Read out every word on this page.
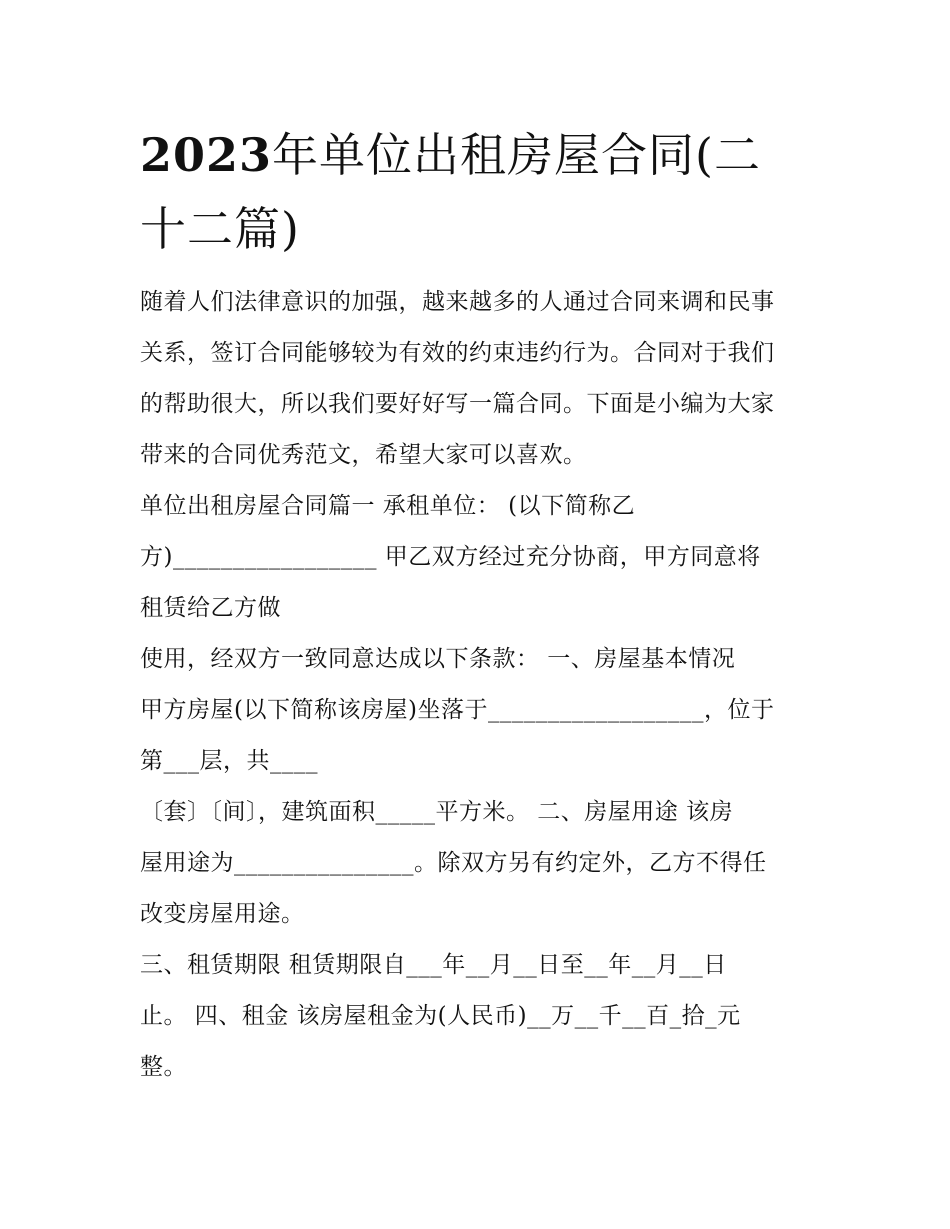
2023年单位出租房屋合同(二
十二篇)
随着人们法律意识的加强，越来越多的人通过合同来调和民事
关系，签订合同能够较为有效的约束违约行为。合同对于我们
的帮助很大，所以我们要好好写一篇合同。下面是小编为大家
带来的合同优秀范文，希望大家可以喜欢。
单位出租房屋合同篇一 承租单位： (以下简称乙
方)_________________ 甲乙双方经过充分协商，甲方同意将
租赁给乙方做
使用，经双方一致同意达成以下条款： 一、房屋基本情况
甲方房屋(以下简称该房屋)坐落于__________________，位于
第___层，共____
〔套〕〔间〕，建筑面积_____平方米。 二、房屋用途 该房
屋用途为_______________。除双方另有约定外，乙方不得任
改变房屋用途。
三、租赁期限 租赁期限自___年__月__日至__年__月__日
止。 四、租金 该房屋租金为(人民币)__万__千__百_拾_元
整。
